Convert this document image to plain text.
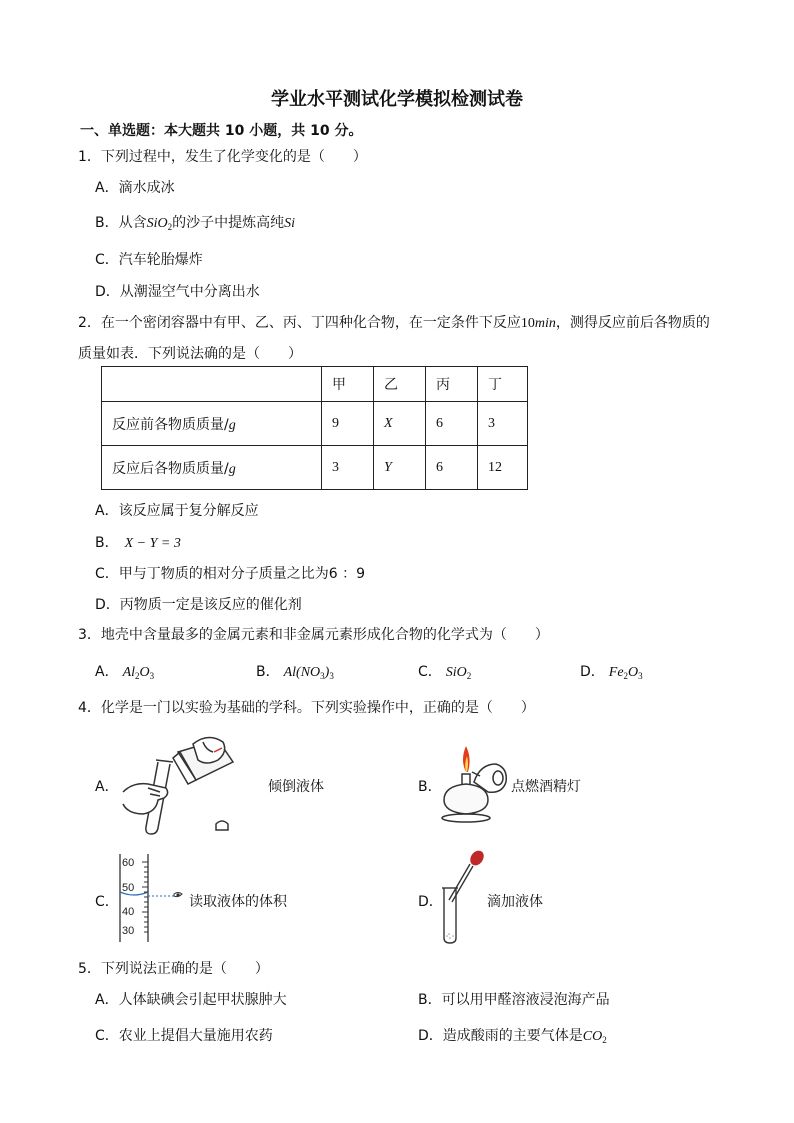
学业水平测试化学模拟检测试卷
一、单选题：本大题共 10 小题，共 10 分。
1．下列过程中，发生了化学变化的是（　　）
A．滴水成冰
B．从含SiO$_2$的沙子中提炼高纯Si
C．汽车轮胎爆炸
D．从潮湿空气中分离出水
2．在一个密闭容器中有甲、乙、丙、丁四种化合物，在一定条件下反应10min，测得反应前后各物质的
质量如表．下列说法确的是（　　）
	甲	乙	丙	丁
反应前各物质质量/g	9	X	6	3
反应后各物质质量/g	3	Y	6	12
A．该反应属于复分解反应
B． X − Y = 3
C．甲与丁物质的相对分子质量之比为6 ：9
D．丙物质一定是该反应的催化剂
3．地壳中含量最多的金属元素和非金属元素形成化合物的化学式为（　　）
A． $Al_2O_3$	B． $Al(NO_3)_3$	C． SiO$_2$	D． $Fe_2O_3$
4．化学是一门以实验为基础的学科。下列实验操作中，正确的是（　　）
A．	倾倒液体	B．	点燃酒精灯
C．
60
50
40
30
读取液体的体积	D．	滴加液体
5．下列说法正确的是（　　）
A．人体缺碘会引起甲状腺肿大	B．可以用甲醛溶液浸泡海产品
C．农业上提倡大量施用农药	D．造成酸雨的主要气体是$CO_2$
